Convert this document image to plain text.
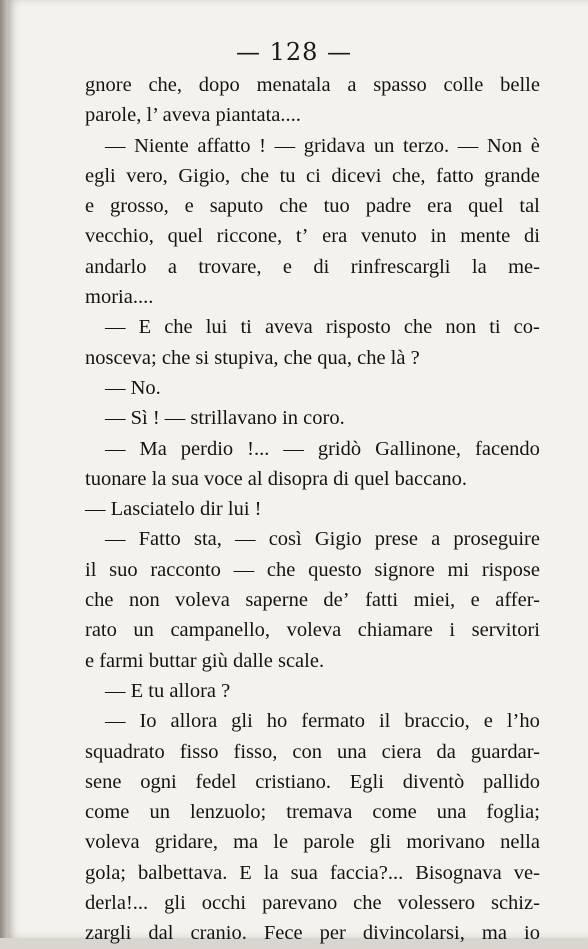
— 128 —
gnore che, dopo menatala a spasso colle belle
parole, l’ aveva piantata....
— Niente affatto ! — gridava un terzo. — Non è
egli vero, Gigio, che tu ci dicevi che, fatto grande
e grosso, e saputo che tuo padre era quel tal
vecchio, quel riccone, t’ era venuto in mente di
andarlo a trovare, e di rinfrescargli la me-
moria....
— E che lui ti aveva risposto che non ti co-
nosceva; che si stupiva, che qua, che là ?
— No.
— Sì ! — strillavano in coro.
— Ma perdio !... — gridò Gallinone, facendo
tuonare la sua voce al disopra di quel baccano.
— Lasciatelo dir lui !
— Fatto sta, — così Gigio prese a proseguire
il suo racconto — che questo signore mi rispose
che non voleva saperne de’ fatti miei, e affer-
rato un campanello, voleva chiamare i servitori
e farmi buttar giù dalle scale.
— E tu allora ?
— Io allora gli ho fermato il braccio, e l’ho
squadrato fisso fisso, con una ciera da guardar-
sene ogni fedel cristiano. Egli diventò pallido
come un lenzuolo; tremava come una foglia;
voleva gridare, ma le parole gli morivano nella
gola; balbettava. E la sua faccia?... Bisognava ve-
derla!... gli occhi parevano che volessero schiz-
zargli dal cranio. Fece per divincolarsi, ma io
